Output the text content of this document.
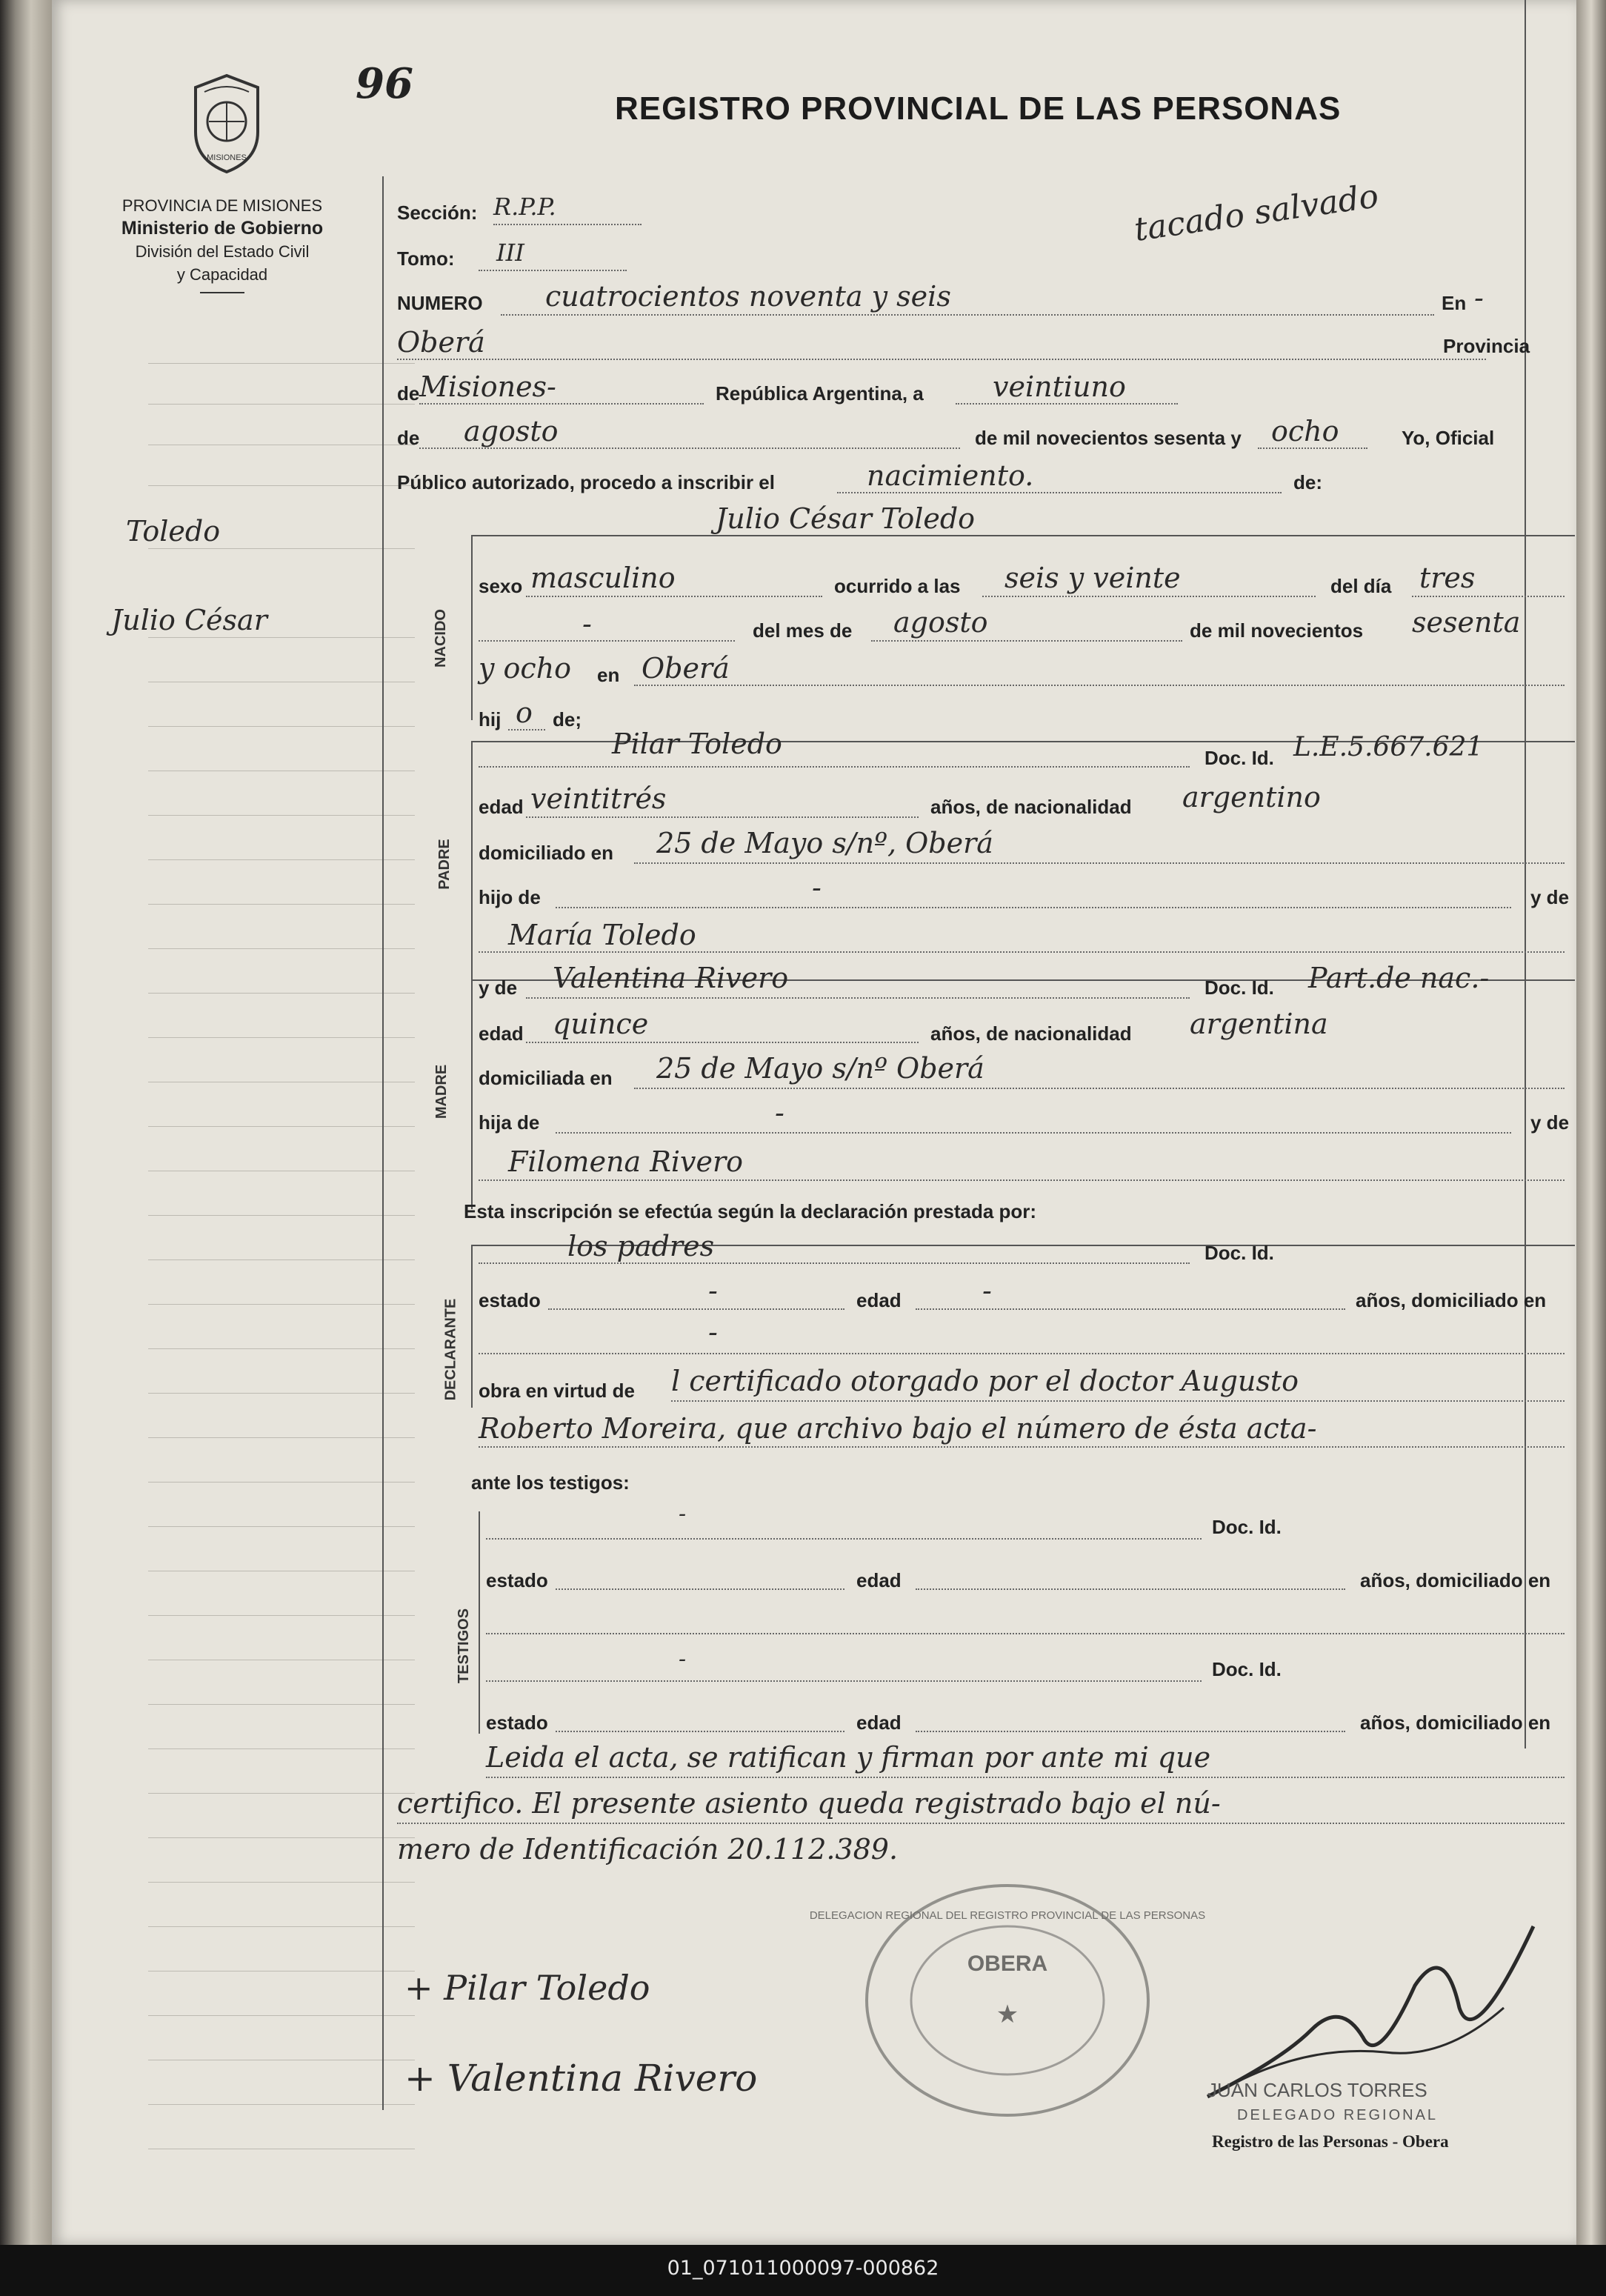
MISIONES
96
REGISTRO PROVINCIAL DE LAS PERSONAS
tacado salvado
PROVINCIA DE MISIONES
Ministerio de Gobierno
División del Estado Civil
y Capacidad
Toledo
Julio César
Sección: R.P.P.
Tomo: III
NUMERO cuatrocientos noventa y seis	En -
Oberá	Provincia
de Misiones-	República Argentina, a veintiuno
de agosto	de mil novecientos sesenta y ocho	Yo, Oficial
Público autorizado, procedo a inscribir el	nacimiento.	de:
NACIDO
Julio César Toledo
sexo masculino	ocurrido a las seis y veinte	del día tres
-	del mes de agosto	de mil novecientos sesenta
y ocho en Oberá
hij o de;
PADRE
Pilar Toledo	Doc. Id. L.E.5.667.621
edad veintitrés	años, de nacionalidad argentino
domiciliado en 25 de Mayo s/nº, Oberá
hijo de	-	y de
María Toledo
MADRE
y de Valentina Rivero	Doc. Id. Part.de nac.-
edad quince	años, de nacionalidad argentina
domiciliada en 25 de Mayo s/nº Oberá
hija de	-	y de
Filomena Rivero
Esta inscripción se efectúa según la declaración prestada por:
DECLARANTE
los padres	Doc. Id.
estado	-	edad	-	años, domiciliado en
-
obra en virtud de l certificado otorgado por el doctor Augusto
Roberto Moreira, que archivo bajo el número de ésta acta-
ante los testigos:
TESTIGOS
-	Doc. Id.
estado	edad	años, domiciliado en
-	Doc. Id.
estado	edad	años, domiciliado en
Leida el acta, se ratifican y firman por ante mi que
certifico. El presente asiento queda registrado bajo el nú-
mero de Identificación 20.112.389.
DELEGACION REGIONAL DEL REGISTRO PROVINCIAL DE LAS PERSONAS
OBERA
★
+ Pilar Toledo
+ Valentina Rivero	JUAN CARLOS TORRES
DELEGADO REGIONAL
Registro de las Personas - Obera
01_071011000097-000862
